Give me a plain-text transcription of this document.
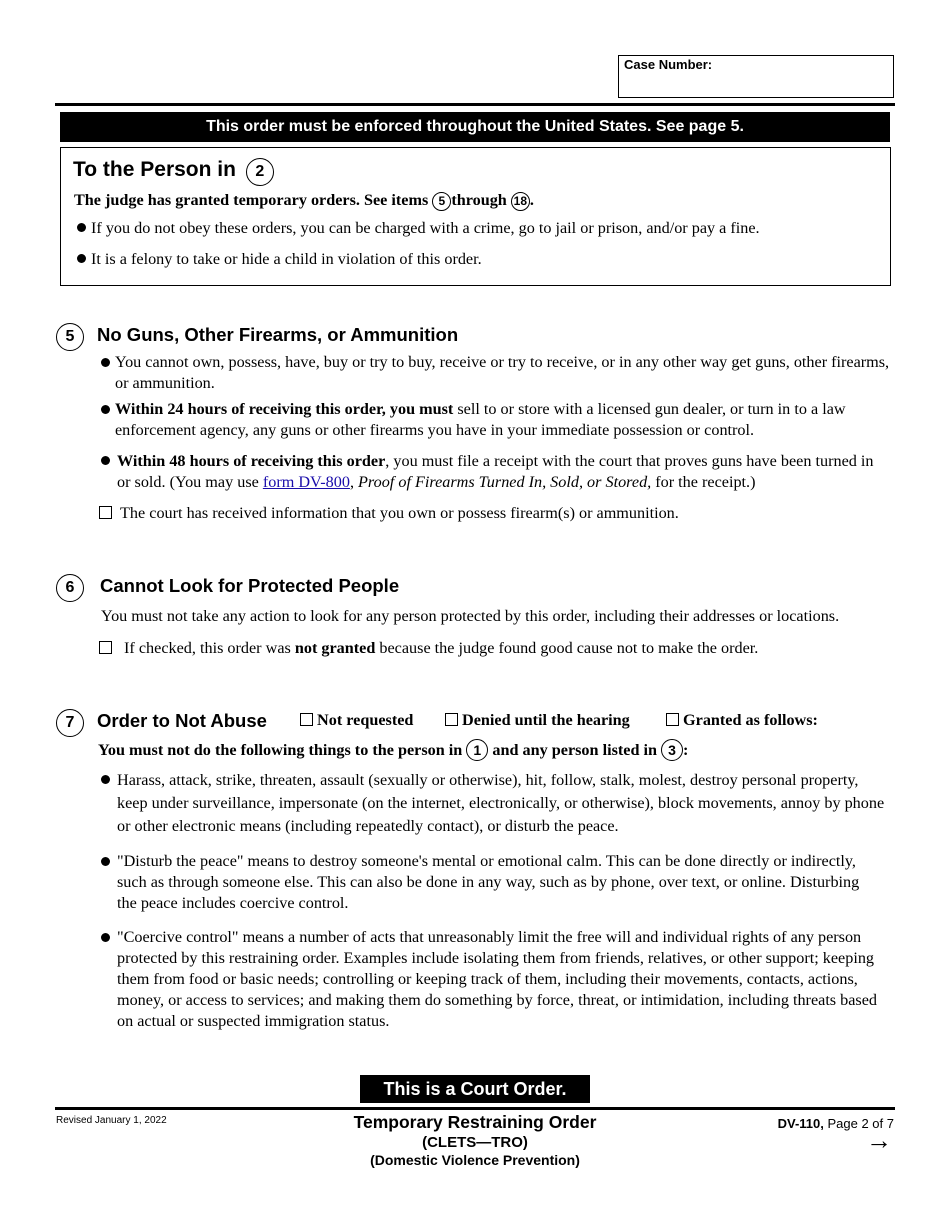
Case Number:
This order must be enforced throughout the United States. See page 5.
To the Person in 2
The judge has granted temporary orders. See items 5 through 18 .
If you do not obey these orders, you can be charged with a crime, go to jail or prison, and/or pay a fine.
It is a felony to take or hide a child in violation of this order.
5	No Guns, Other Firearms, or Ammunition
You cannot own, possess, have, buy or try to buy, receive or try to receive, or in any other way get guns, other firearms, or ammunition.
Within 24 hours of receiving this order, you must sell to or store with a licensed gun dealer, or turn in to a law enforcement agency, any guns or other firearms you have in your immediate possession or control.
Within 48 hours of receiving this order, you must file a receipt with the court that proves guns have been turned in or sold. (You may use form DV-800, Proof of Firearms Turned In, Sold, or Stored, for the receipt.)
The court has received information that you own or possess firearm(s) or ammunition.
6	Cannot Look for Protected People
You must not take any action to look for any person protected by this order, including their addresses or locations.
If checked, this order was not granted because the judge found good cause not to make the order.
7	Order to Not Abuse	Not requested	Denied until the hearing	Granted as follows:
You must not do the following things to the person in 1 and any person listed in 3 :
Harass, attack, strike, threaten, assault (sexually or otherwise), hit, follow, stalk, molest, destroy personal property, keep under surveillance, impersonate (on the internet, electronically, or otherwise), block movements, annoy by phone or other electronic means (including repeatedly contact), or disturb the peace.
"Disturb the peace" means to destroy someone's mental or emotional calm. This can be done directly or indirectly, such as through someone else. This can also be done in any way, such as by phone, over text, or online. Disturbing the peace includes coercive control.
"Coercive control" means a number of acts that unreasonably limit the free will and individual rights of any person protected by this restraining order. Examples include isolating them from friends, relatives, or other support; keeping them from food or basic needs; controlling or keeping track of them, including their movements, contacts, actions, money, or access to services; and making them do something by force, threat, or intimidation, including threats based on actual or suspected immigration status.
This is a Court Order.
Revised January 1, 2022	Temporary Restraining Order
(CLETS—TRO)
(Domestic Violence Prevention)
DV-110, Page 2 of 7
→
